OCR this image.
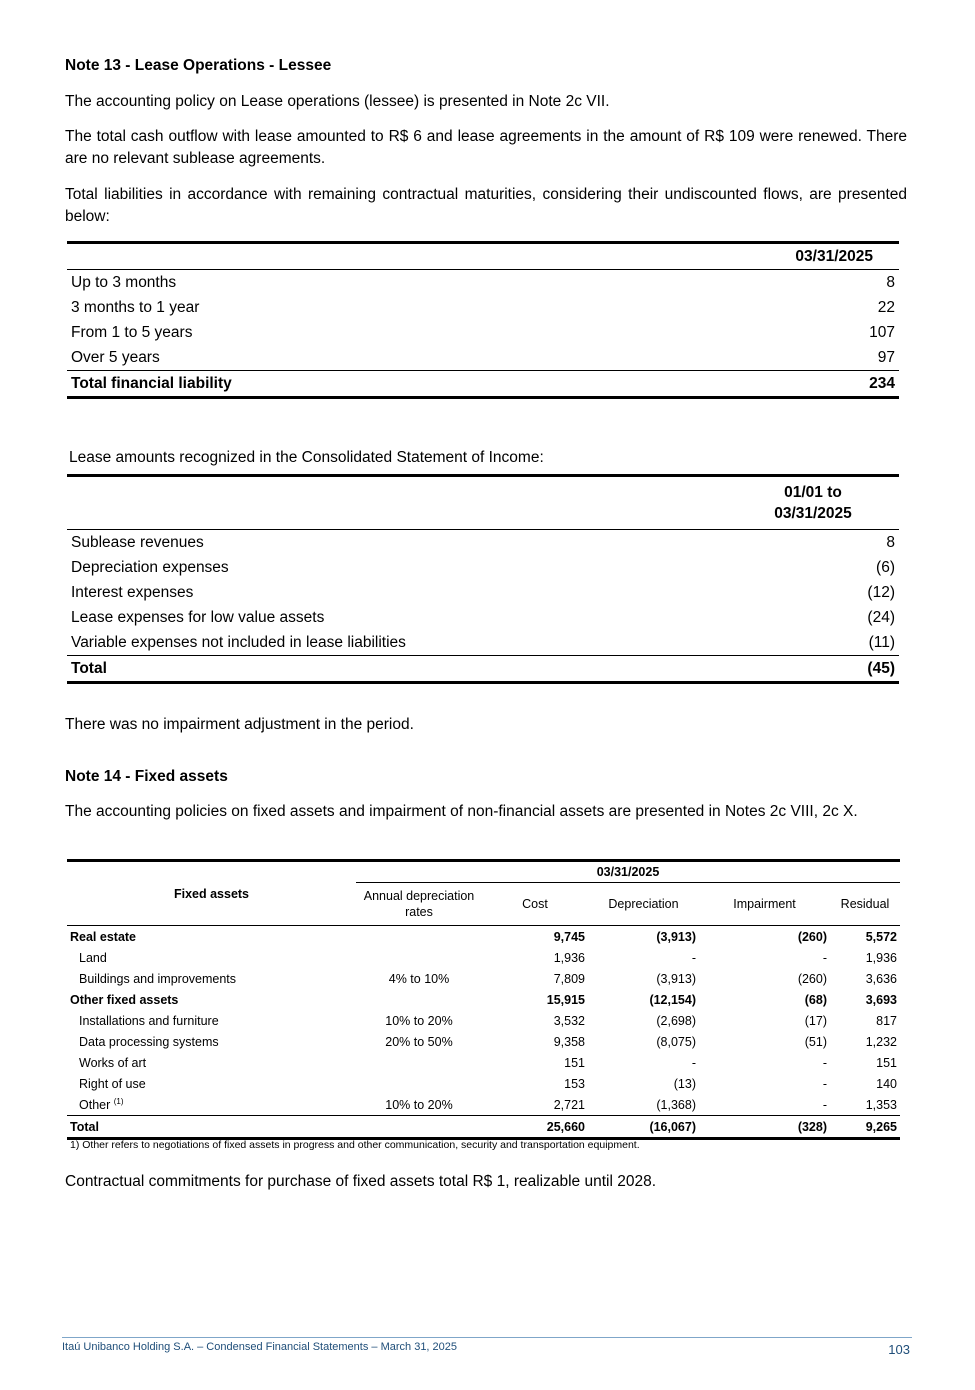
Note 13 - Lease Operations - Lessee
The accounting policy on Lease operations (lessee) is presented in Note 2c VII.
The total cash outflow with lease amounted to R$ 6 and lease agreements in the amount of R$ 109 were renewed. There are no relevant sublease agreements.
Total liabilities in accordance with remaining contractual maturities, considering their undiscounted flows, are presented below:
	03/31/2025
Up to 3 months	8
3 months to 1 year	22
From 1 to 5 years	107
Over 5 years	97
Total financial liability	234
Lease amounts recognized in the Consolidated Statement of Income:

	01/01 to
03/31/2025

Sublease revenues	8
Depreciation expenses	(6)
Interest expenses	(12)
Lease expenses for low value assets	(24)
Variable expenses not included in lease liabilities	(11)
Total	(45)
There was no impairment adjustment in the period.
Note 14 - Fixed assets
The accounting policies on fixed assets and impairment of non-financial assets are presented in Notes 2c VIII, 2c X.
Fixed assets	03/31/2025				
	Annual depreciation rates	Cost	Depreciation	Impairment	Residual
Real estate		9,745	(3,913)	(260)	5,572
Land		1,936	-	-	1,936
Buildings and improvements	4% to 10%	7,809	(3,913)	(260)	3,636
Other fixed assets		15,915	(12,154)	(68)	3,693
Installations and furniture	10% to 20%	3,532	(2,698)	(17)	817
Data processing systems	20% to 50%	9,358	(8,075)	(51)	1,232
Works of art		151	-	-	151
Right of use		153	(13)	-	140
Other $^{(1)}$	10% to 20%	2,721	(1,368)	-	1,353
Total		25,660	(16,067)	(328)	9,265
1) Other refers to negotiations of fixed assets in progress and other communication, security and transportation equipment.
Contractual commitments for purchase of fixed assets total R$ 1, realizable until 2028.
Itaú Unibanco Holding S.A. – Condensed Financial Statements – March 31, 2025	103
